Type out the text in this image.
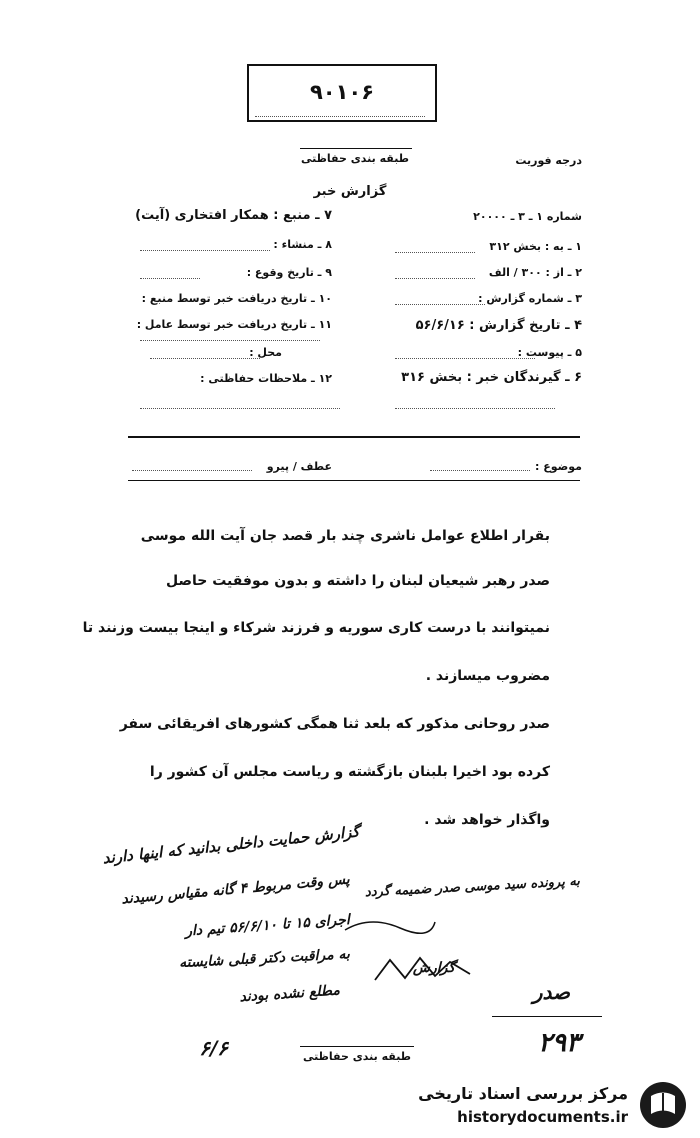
۹۰۱۰۶
طبقه بندی حفاظتی	درجه فوریت
گزارش خبر
شماره ۱ ـ ۳ ـ ۲۰۰۰۰
۱ ـ به : بخش ۳۱۲
۲ ـ از : ۳۰۰ / الف
۳ ـ شماره گزارش :
۴ ـ تاریخ گزارش : ۵۶/۶/۱۶
۵ ـ پیوست :
۶ ـ گیرندگان خبر : بخش ۳۱۶
۷ ـ منبع : همکار افتخاری (آیت)
۸ ـ منشاء :
۹ ـ تاریخ وقوع :
۱۰ ـ تاریخ دریافت خبر توسط منبع :
۱۱ ـ تاریخ دریافت خبر توسط عامل :
محل :
۱۲ ـ ملاحظات حفاظتی :
موضوع :
عطف / پیرو
بقرار اطلاع عوامل ناشری چند بار قصد جان آیت الله موسی
صدر رهبر شیعیان لبنان را داشته و بدون موفقیت حاصل
نمیتوانند با درست کاری سوریه و فرزند شرکاء و اینجا بیست وزنند تا
مضروب میسازند .
صدر روحانی مذکور که بلعد ثنا همگی کشورهای افریقائی سفر
کرده بود اخیرا بلبنان بازگشته و ریاست مجلس آن کشور را
واگذار خواهد شد .
گزارش حمایت داخلی بدانید که اینها دارند
پس وقت مربوط ۴ گانه مقیاس رسیدند
اجرای ۱۵ تا ۵۶/۶/۱۰ تیم دار
به مراقبت دکتر قبلی شایسته
مطلع نشده بودند
به پرونده سید موسی صدر ضمیمه گردد
گزارش
صدر
۶/۶	۲۹۳
طبقه بندی حفاظتی
مرکز بررسی اسناد تاریخی
historydocuments.ir
